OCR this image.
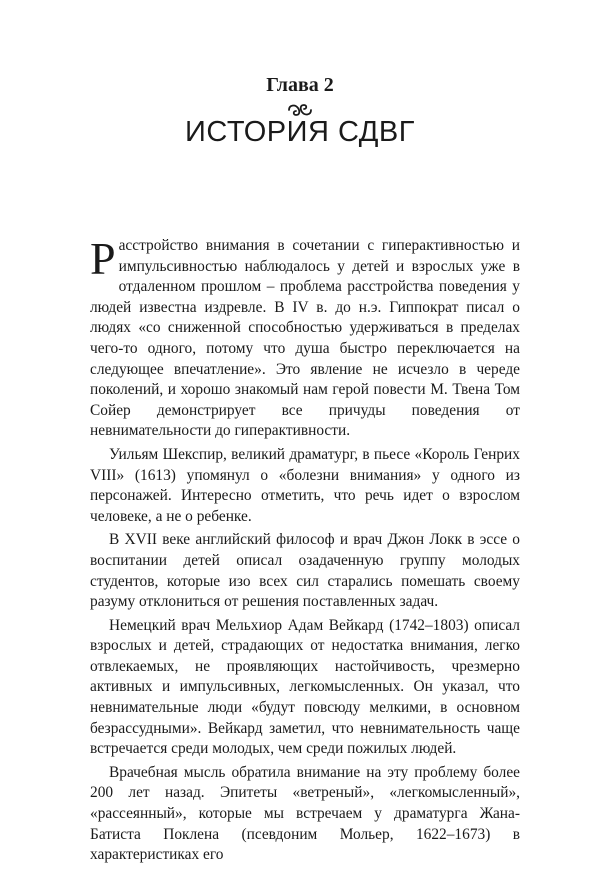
Глава 2
ИСТОРИЯ СДВГ

Расстройство внимания в сочетании с гиперактивностью и импульсивностью наблюдалось у детей и взрослых уже в отдаленном прошлом – проблема расстройства поведения у людей известна издревле. В IV в. до н.э. Гиппократ писал о людях «со сниженной способностью удерживаться в пределах чего-то одного, потому что душа быстро переключается на следующее впечатление». Это явление не исчезло в череде поколений, и хорошо знакомый нам герой повести М. Твена Том Сойер демонстрирует все причуды поведения от невнимательности до гиперактивности.

Уильям Шекспир, великий драматург, в пьесе «Король Генрих VIII» (1613) упомянул о «болезни внимания» у одного из персонажей. Интересно отметить, что речь идет о взрослом человеке, а не о ребенке.

В XVII веке английский философ и врач Джон Локк в эссе о воспитании детей описал озадаченную группу молодых студентов, которые изо всех сил старались помешать своему разуму отклониться от решения поставленных задач.

Немецкий врач Мельхиор Адам Вейкард (1742–1803) описал взрослых и детей, страдающих от недостатка внимания, легко отвлекаемых, не проявляющих настойчивость, чрезмерно активных и импульсивных, легкомысленных. Он указал, что невнимательные люди «будут повсюду мелкими, в основном безрассудными». Вейкард заметил, что невнимательность чаще встречается среди молодых, чем среди пожилых людей.

Врачебная мысль обратила внимание на эту проблему более 200 лет назад. Эпитеты «ветреный», «легкомысленный», «рассеянный», которые мы встречаем у драматурга Жана-Батиста Поклена (псевдоним Мольер, 1622–1673) в характеристиках его
